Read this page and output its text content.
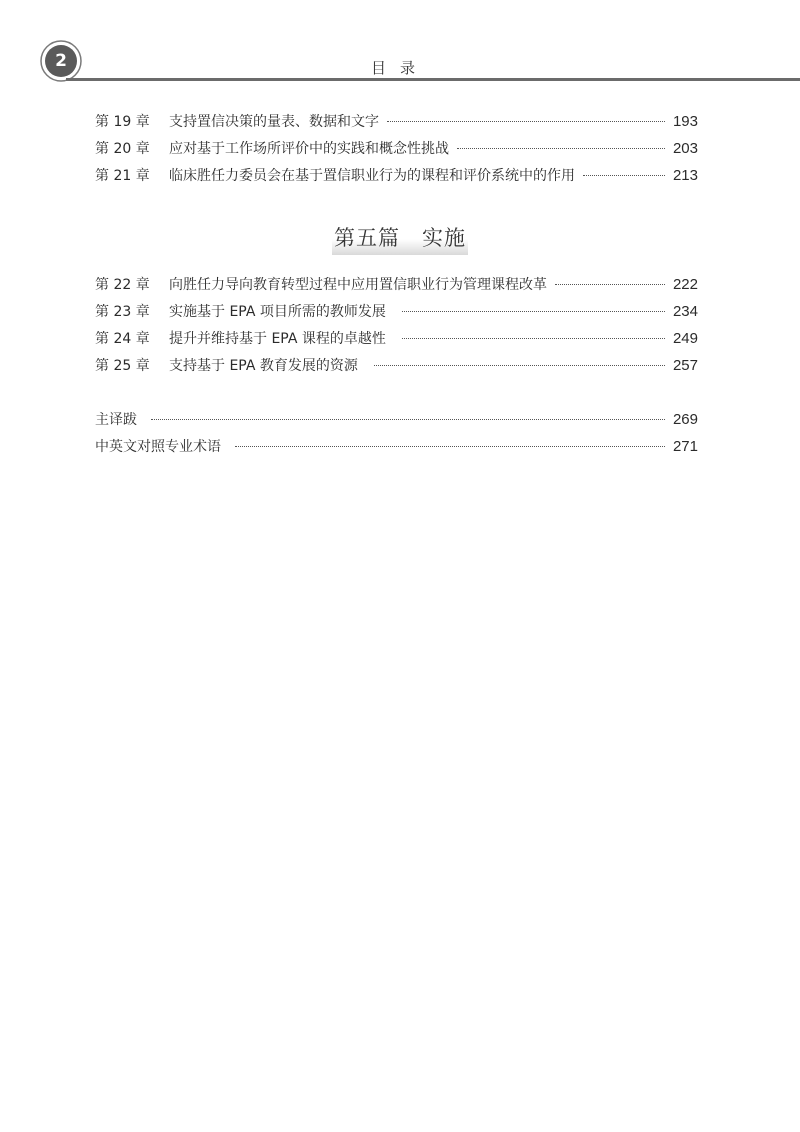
2	目录
第 19 章	支持置信决策的量表、数据和文字	193
第 20 章	应对基于工作场所评价中的实践和概念性挑战	203
第 21 章	临床胜任力委员会在基于置信职业行为的课程和评价系统中的作用	213
第五篇　实施
第 22 章	向胜任力导向教育转型过程中应用置信职业行为管理课程改革	222
第 23 章	实施基于 EPA 项目所需的教师发展	234
第 24 章	提升并维持基于 EPA 课程的卓越性	249
第 25 章	支持基于 EPA 教育发展的资源	257
主译跋	269
中英文对照专业术语	271
